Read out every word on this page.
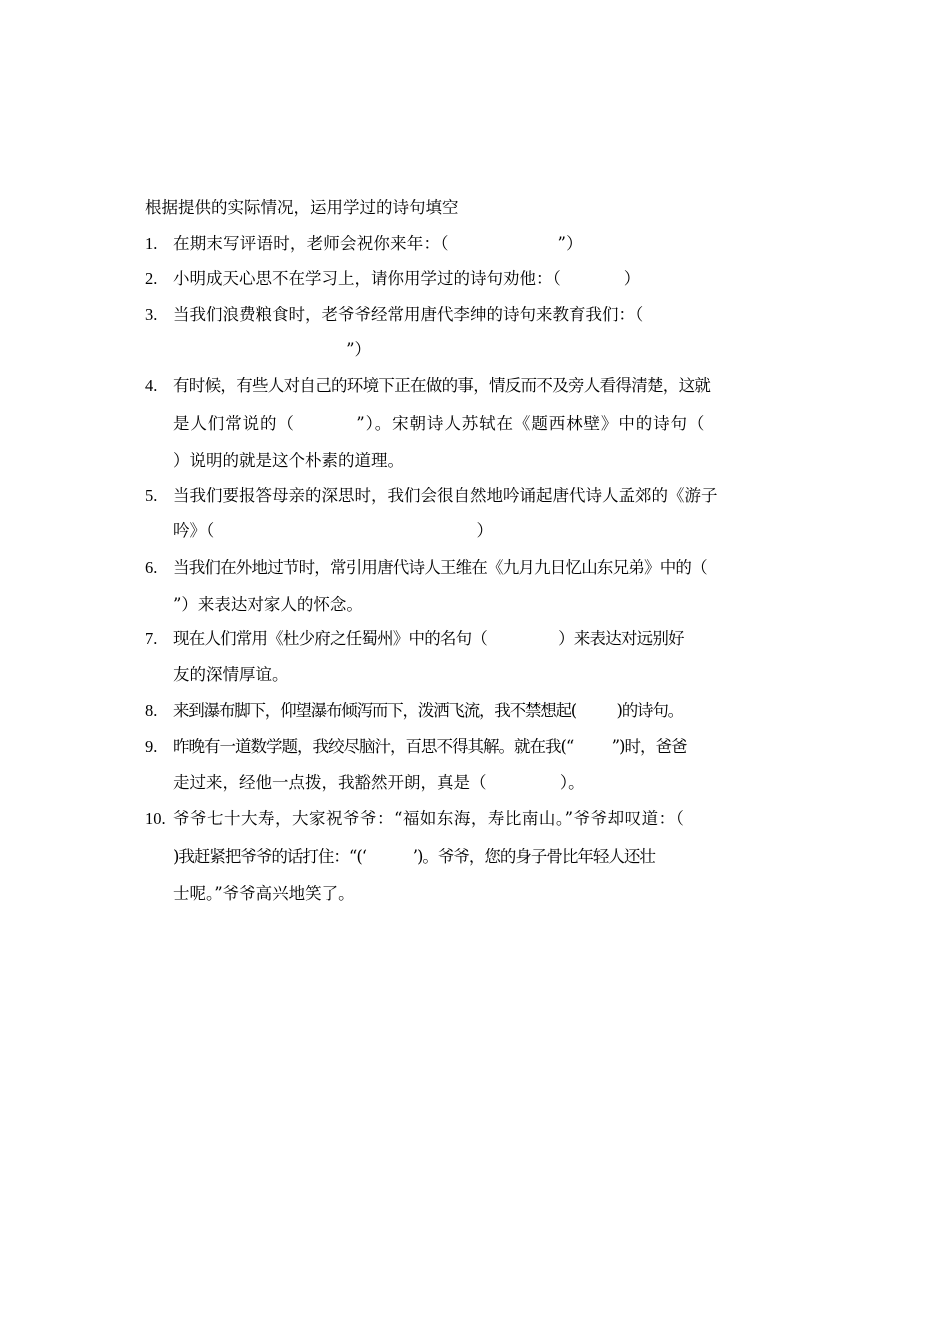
根据提供的实际情况，运用学过的诗句填空
1. 在期末写评语时，老师会祝你来年：（                    ”）
2. 小明成天心思不在学习上，请你用学过的诗句劝他：（            ）
3. 当我们浪费粮食时，老爷爷经常用唐代李绅的诗句来教育我们：（
”）
4. 有时候，有些人对自己的环境下正在做的事，情反而不及旁人看得清楚，这就
是人们常说的（          ”）。宋朝诗人苏轼在《题西林壁》中的诗句（
）说明的就是这个朴素的道理。
5. 当我们要报答母亲的深思时，我们会很自然地吟诵起唐代诗人孟郊的《游子
吟》（                                                  ）
6. 当我们在外地过节时，常引用唐代诗人王维在《九月九日忆山东兄弟》中的（
”）来表达对家人的怀念。
7. 现在人们常用《杜少府之任蜀州》中的名句（                ）来表达对远别好
友的深情厚谊。
8. 来到瀑布脚下，仰望瀑布倾泻而下，泼洒飞流，我不禁想起(          )的诗句。
9. 昨晚有一道数学题，我绞尽脑汁，百思不得其解。就在我(“         ”)时，爸爸
走过来，经他一点拨，我豁然开朗，真是（              ）。
10. 爷爷七十大寿，大家祝爷爷：“福如东海，寿比南山。”爷爷却叹道：（
)我赶紧把爷爷的话打住：“(‘           ’)。爷爷，您的身子骨比年轻人还壮
士呢。”爷爷高兴地笑了。
